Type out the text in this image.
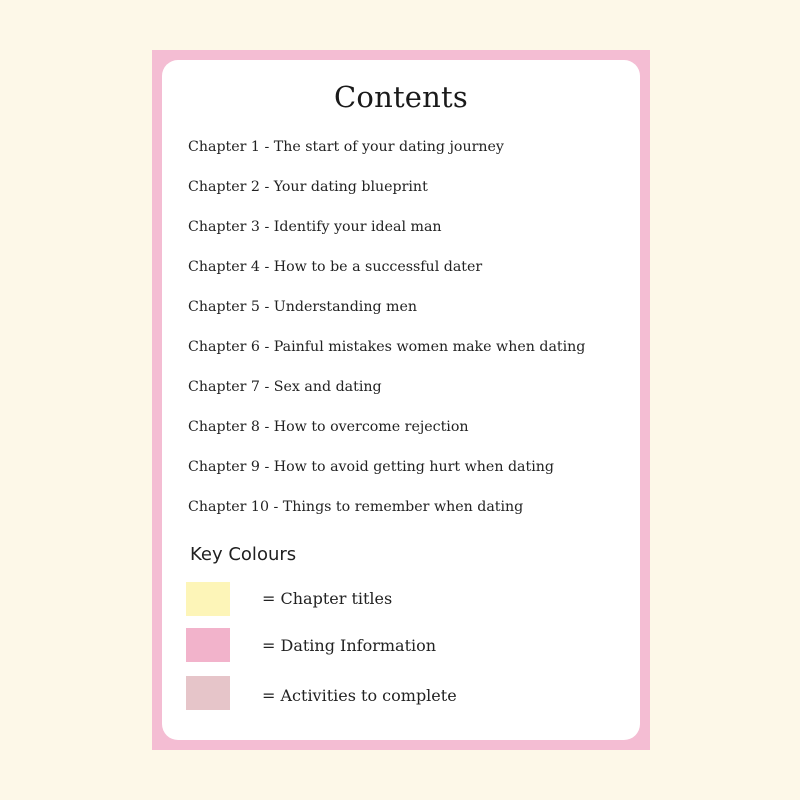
Contents
Chapter 1 - The start of your dating journey
Chapter 2 - Your dating blueprint
Chapter 3 - Identify your ideal man
Chapter 4 - How to be a successful dater
Chapter 5 - Understanding men
Chapter 6 - Painful mistakes women make when dating
Chapter 7 - Sex and dating
Chapter 8 - How to overcome rejection
Chapter 9 - How to avoid getting hurt when dating
Chapter 10 - Things to remember when dating
Key Colours
= Chapter titles
= Dating Information
= Activities to complete
